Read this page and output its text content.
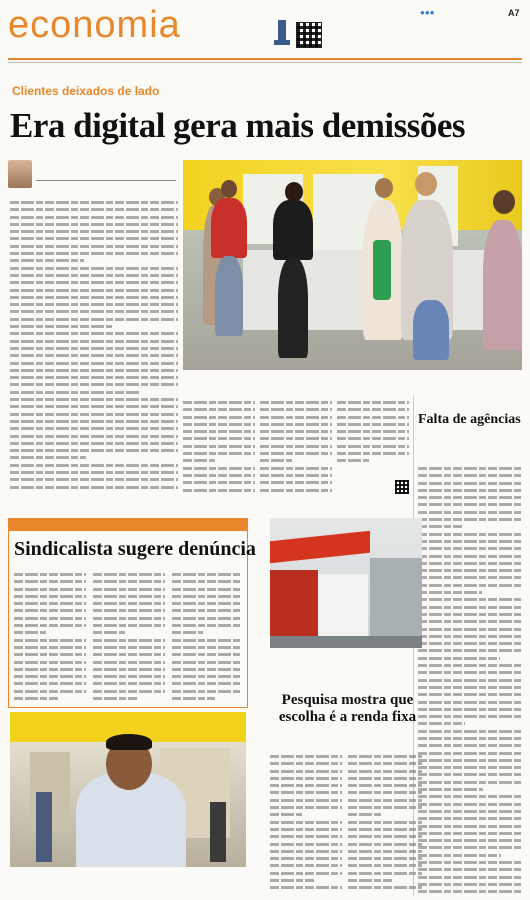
economia	●●●	A7
Clientes deixados de lado
Era digital gera mais demissões
Falta de agências
Sindicalista sugere denúncia
Pesquisa mostra que escolha é a renda fixa
